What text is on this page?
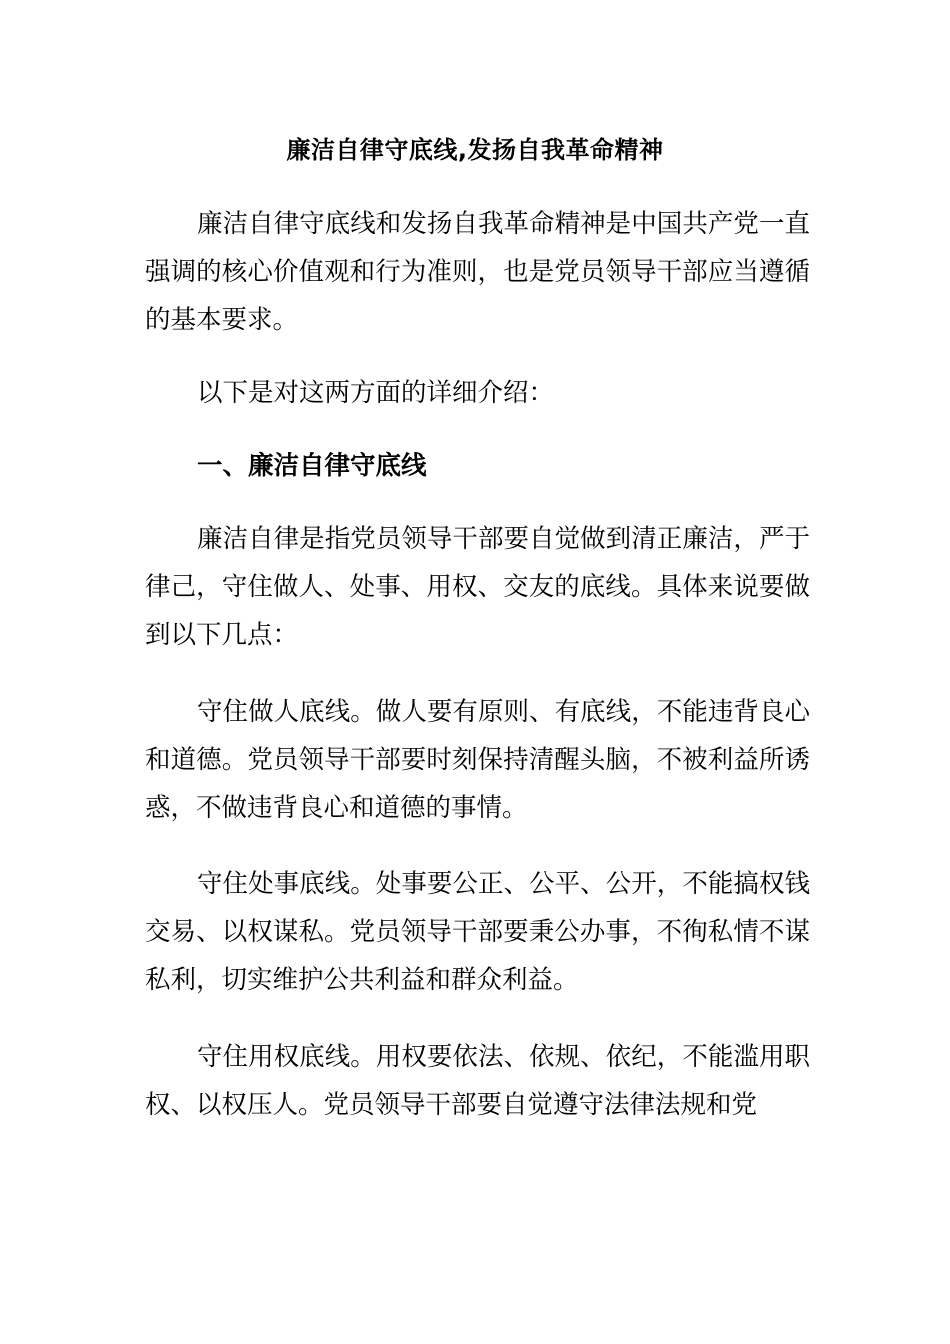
廉洁自律守底线,发扬自我革命精神

廉洁自律守底线和发扬自我革命精神是中国共产党一直强调的核心价值观和行为准则，也是党员领导干部应当遵循的基本要求。

以下是对这两方面的详细介绍：

一、廉洁自律守底线

廉洁自律是指党员领导干部要自觉做到清正廉洁，严于律己，守住做人、处事、用权、交友的底线。具体来说要做到以下几点：

守住做人底线。做人要有原则、有底线，不能违背良心和道德。党员领导干部要时刻保持清醒头脑，不被利益所诱惑，不做违背良心和道德的事情。

守住处事底线。处事要公正、公平、公开，不能搞权钱交易、以权谋私。党员领导干部要秉公办事，不徇私情不谋私利，切实维护公共利益和群众利益。

守住用权底线。用权要依法、依规、依纪，不能滥用职权、以权压人。党员领导干部要自觉遵守法律法规和党
